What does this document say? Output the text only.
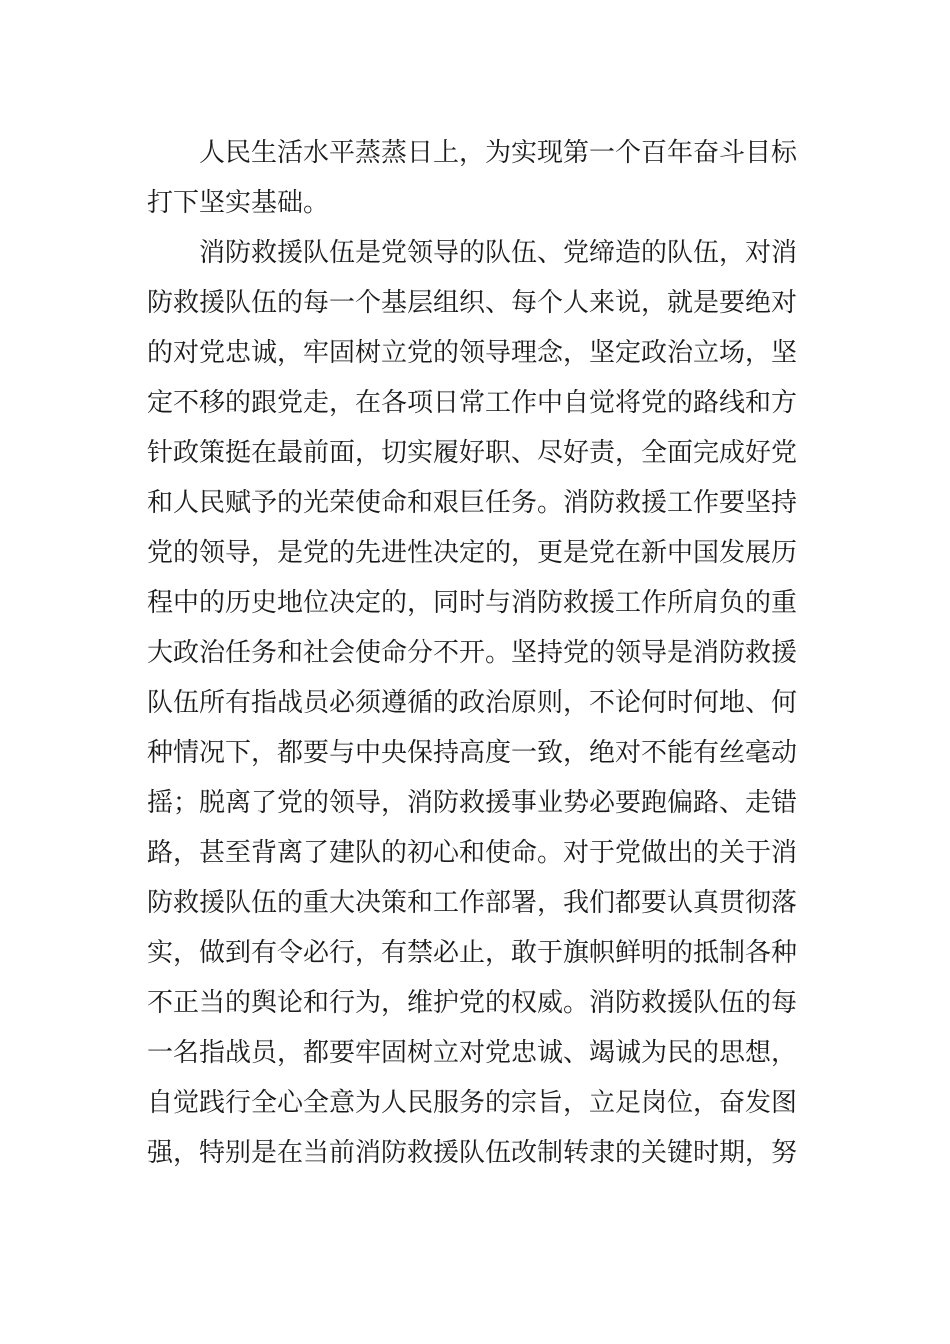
人民生活水平蒸蒸日上，为实现第一个百年奋斗目标
打下坚实基础。
消防救援队伍是党领导的队伍、党缔造的队伍，对消
防救援队伍的每一个基层组织、每个人来说，就是要绝对
的对党忠诚，牢固树立党的领导理念，坚定政治立场，坚
定不移的跟党走，在各项日常工作中自觉将党的路线和方
针政策挺在最前面，切实履好职、尽好责，全面完成好党
和人民赋予的光荣使命和艰巨任务。消防救援工作要坚持
党的领导，是党的先进性决定的，更是党在新中国发展历
程中的历史地位决定的，同时与消防救援工作所肩负的重
大政治任务和社会使命分不开。坚持党的领导是消防救援
队伍所有指战员必须遵循的政治原则，不论何时何地、何
种情况下，都要与中央保持高度一致，绝对不能有丝毫动
摇；脱离了党的领导，消防救援事业势必要跑偏路、走错
路，甚至背离了建队的初心和使命。对于党做出的关于消
防救援队伍的重大决策和工作部署，我们都要认真贯彻落
实，做到有令必行，有禁必止，敢于旗帜鲜明的抵制各种
不正当的舆论和行为，维护党的权威。消防救援队伍的每
一名指战员，都要牢固树立对党忠诚、竭诚为民的思想，
自觉践行全心全意为人民服务的宗旨，立足岗位，奋发图
强，特别是在当前消防救援队伍改制转隶的关键时期，努
